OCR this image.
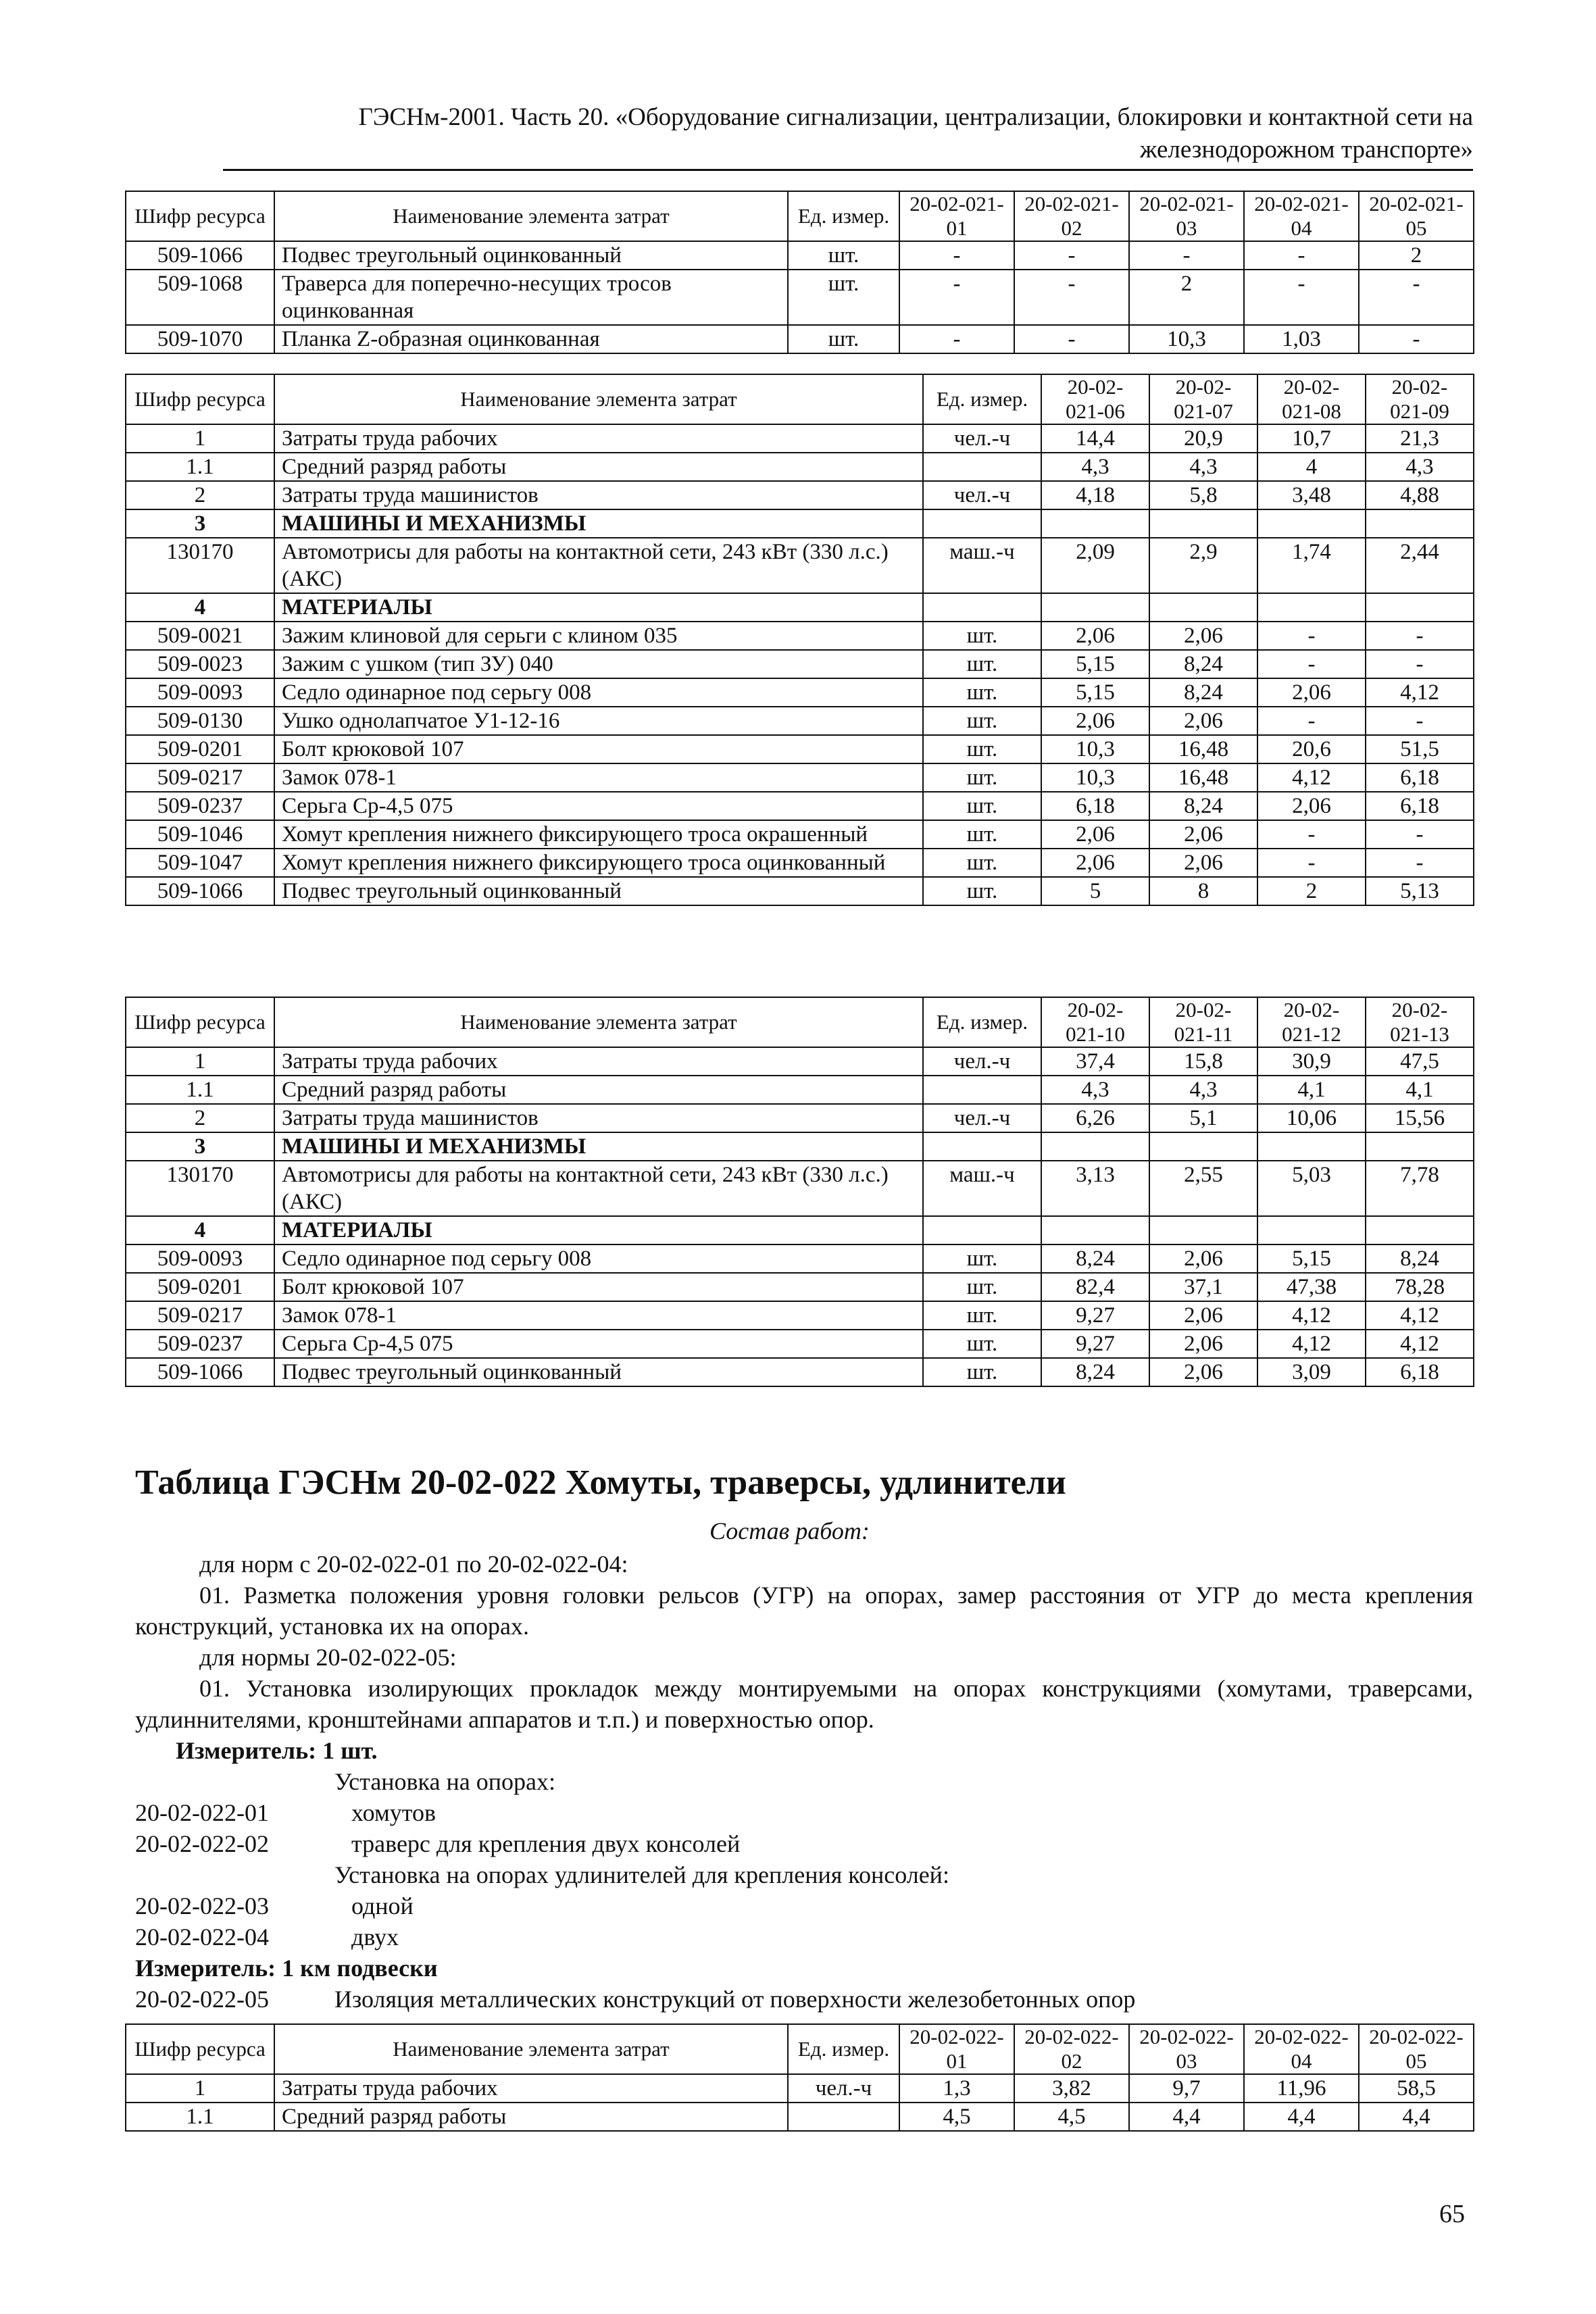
ГЭСНм-2001. Часть 20. «Оборудование сигнализации, централизации, блокировки и контактной сети на

железнодорожном транспорте»
Шифр ресурса	Наименование элемента затрат	Ед. измер.	20-02-021-01	20-02-021-02	20-02-021-03	20-02-021-04	20-02-021-05
509-1066	Подвес треугольный оцинкованный	шт.	-	-	-	-	2
509-1068	Траверса для поперечно-несущих тросов оцинкованная	шт.	-	-	2	-	-
509-1070	Планка Z-образная оцинкованная	шт.	-	-	10,3	1,03	-
Шифр ресурса	Наименование элемента затрат	Ед. измер.	20-02-021-06	20-02-021-07	20-02-021-08	20-02-021-09
1	Затраты труда рабочих	чел.-ч	14,4	20,9	10,7	21,3
1.1	Средний разряд работы		4,3	4,3	4	4,3
2	Затраты труда машинистов	чел.-ч	4,18	5,8	3,48	4,88
3	МАШИНЫ И МЕХАНИЗМЫ					
130170	Автомотрисы для работы на контактной сети, 243 кВт (330 л.с.) (АКС)	маш.-ч	2,09	2,9	1,74	2,44
4	МАТЕРИАЛЫ					
509-0021	Зажим клиновой для серьги с клином 035	шт.	2,06	2,06	-	-
509-0023	Зажим с ушком (тип ЗУ) 040	шт.	5,15	8,24	-	-
509-0093	Седло одинарное под серьгу 008	шт.	5,15	8,24	2,06	4,12
509-0130	Ушко однолапчатое У1-12-16	шт.	2,06	2,06	-	-
509-0201	Болт крюковой 107	шт.	10,3	16,48	20,6	51,5
509-0217	Замок 078-1	шт.	10,3	16,48	4,12	6,18
509-0237	Серьга Ср-4,5 075	шт.	6,18	8,24	2,06	6,18
509-1046	Хомут крепления нижнего фиксирующего троса окрашенный	шт.	2,06	2,06	-	-
509-1047	Хомут крепления нижнего фиксирующего троса оцинкованный	шт.	2,06	2,06	-	-
509-1066	Подвес треугольный оцинкованный	шт.	5	8	2	5,13
Шифр ресурса	Наименование элемента затрат	Ед. измер.	20-02-021-10	20-02-021-11	20-02-021-12	20-02-021-13
1	Затраты труда рабочих	чел.-ч	37,4	15,8	30,9	47,5
1.1	Средний разряд работы		4,3	4,3	4,1	4,1
2	Затраты труда машинистов	чел.-ч	6,26	5,1	10,06	15,56
3	МАШИНЫ И МЕХАНИЗМЫ					
130170	Автомотрисы для работы на контактной сети, 243 кВт (330 л.с.) (АКС)	маш.-ч	3,13	2,55	5,03	7,78
4	МАТЕРИАЛЫ					
509-0093	Седло одинарное под серьгу 008	шт.	8,24	2,06	5,15	8,24
509-0201	Болт крюковой 107	шт.	82,4	37,1	47,38	78,28
509-0217	Замок 078-1	шт.	9,27	2,06	4,12	4,12
509-0237	Серьга Ср-4,5 075	шт.	9,27	2,06	4,12	4,12
509-1066	Подвес треугольный оцинкованный	шт.	8,24	2,06	3,09	6,18
Таблица ГЭСНм 20-02-022 Хомуты, траверсы, удлинители
Состав работ:
для норм с 20-02-022-01 по 20-02-022-04:
01. Разметка положения уровня головки рельсов (УГР) на опорах, замер расстояния от УГР до места крепления конструкций, установка их на опорах.
для нормы 20-02-022-05:
01. Установка изолирующих прокладок между монтируемыми на опорах конструкциями (хомутами, траверсами, удлиннителями, кронштейнами аппаратов и т.п.) и поверхностью опор.
Измеритель: 1 шт.
Установка на опорах:
20-02-022-01	хомутов
20-02-022-02	траверс для крепления двух консолей
Установка на опорах удлинителей для крепления консолей:
20-02-022-03	одной
20-02-022-04	двух
Измеритель: 1 км подвески
20-02-022-05	Изоляция металлических конструкций от поверхности железобетонных опор
Шифр ресурса	Наименование элемента затрат	Ед. измер.	20-02-022-01	20-02-022-02	20-02-022-03	20-02-022-04	20-02-022-05
1	Затраты труда рабочих	чел.-ч	1,3	3,82	9,7	11,96	58,5
1.1	Средний разряд работы		4,5	4,5	4,4	4,4	4,4
65
